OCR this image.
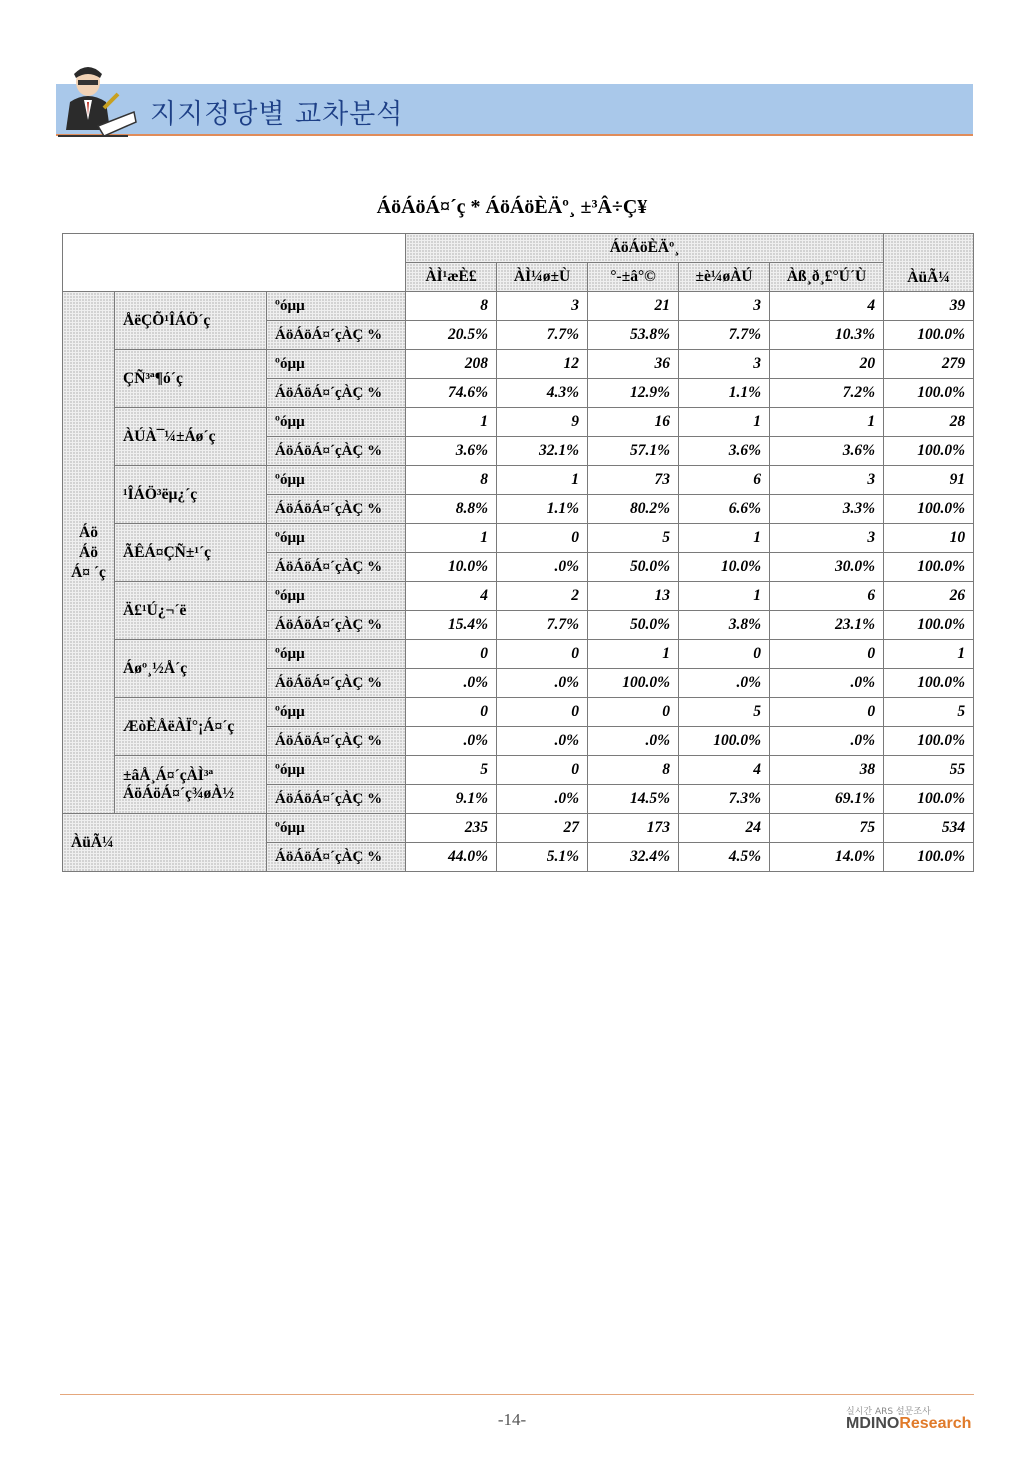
지지정당별 교차분석
ÁöÁöÁ¤´ç * ÁöÁöÈÄº¸ ±³Â÷Ç¥
			ÁöÁöÈÄº¸					ÀüÃ¼
			ÀÌ¹æÈ£	ÀÌ¼ø±Ù	°-±â°©	±è¼øÀÚ	Àß¸ð¸£°Ú´Ù	
Áö Áö Á¤ ´ç	ÅëÇÕ¹ÎÁÖ´ç	ºóµµ	8	3	21	3	4	39
		ÁöÁöÁ¤´çÀÇ %	20.5%	7.7%	53.8%	7.7%	10.3%	100.0%

	ÇÑ³ª¶ó´ç	ºóµµ	208	12	36	3	20	279
		ÁöÁöÁ¤´çÀÇ %	74.6%	4.3%	12.9%	1.1%	7.2%	100.0%

	ÀÚÀ¯¼±Áø´ç	ºóµµ	1	9	16	1	1	28
		ÁöÁöÁ¤´çÀÇ %	3.6%	32.1%	57.1%	3.6%	3.6%	100.0%

	¹ÎÁÖ³ëµ¿´ç	ºóµµ	8	1	73	6	3	91
		ÁöÁöÁ¤´çÀÇ %	8.8%	1.1%	80.2%	6.6%	3.3%	100.0%

	ÃÊÁ¤ÇÑ±¹´ç	ºóµµ	1	0	5	1	3	10
		ÁöÁöÁ¤´çÀÇ %	10.0%	.0%	50.0%	10.0%	30.0%	100.0%

	Ä£¹Ú¿¬´ë	ºóµµ	4	2	13	1	6	26
		ÁöÁöÁ¤´çÀÇ %	15.4%	7.7%	50.0%	3.8%	23.1%	100.0%

	Áøº¸½Å´ç	ºóµµ	0	0	1	0	0	1
		ÁöÁöÁ¤´çÀÇ %	.0%	.0%	100.0%	.0%	.0%	100.0%

	ÆòÈÅëÀÏ°¡Á¤´ç	ºóµµ	0	0	0	5	0	5
		ÁöÁöÁ¤´çÀÇ %	.0%	.0%	.0%	100.0%	.0%	100.0%

	±âÅ¸Á¤´çÀÌ³ª
ÁöÁöÁ¤´ç¾øÀ½	ºóµµ	5	0	8	4	38	55
		ÁöÁöÁ¤´çÀÇ %	9.1%	.0%	14.5%	7.3%	69.1%	100.0%
ÀüÃ¼		ºóµµ	235	27	173	24	75	534
		ÁöÁöÁ¤´çÀÇ %	44.0%	5.1%	32.4%	4.5%	14.0%	100.0%
-14-	실시간 ARS 설문조사
MDINOResearch
